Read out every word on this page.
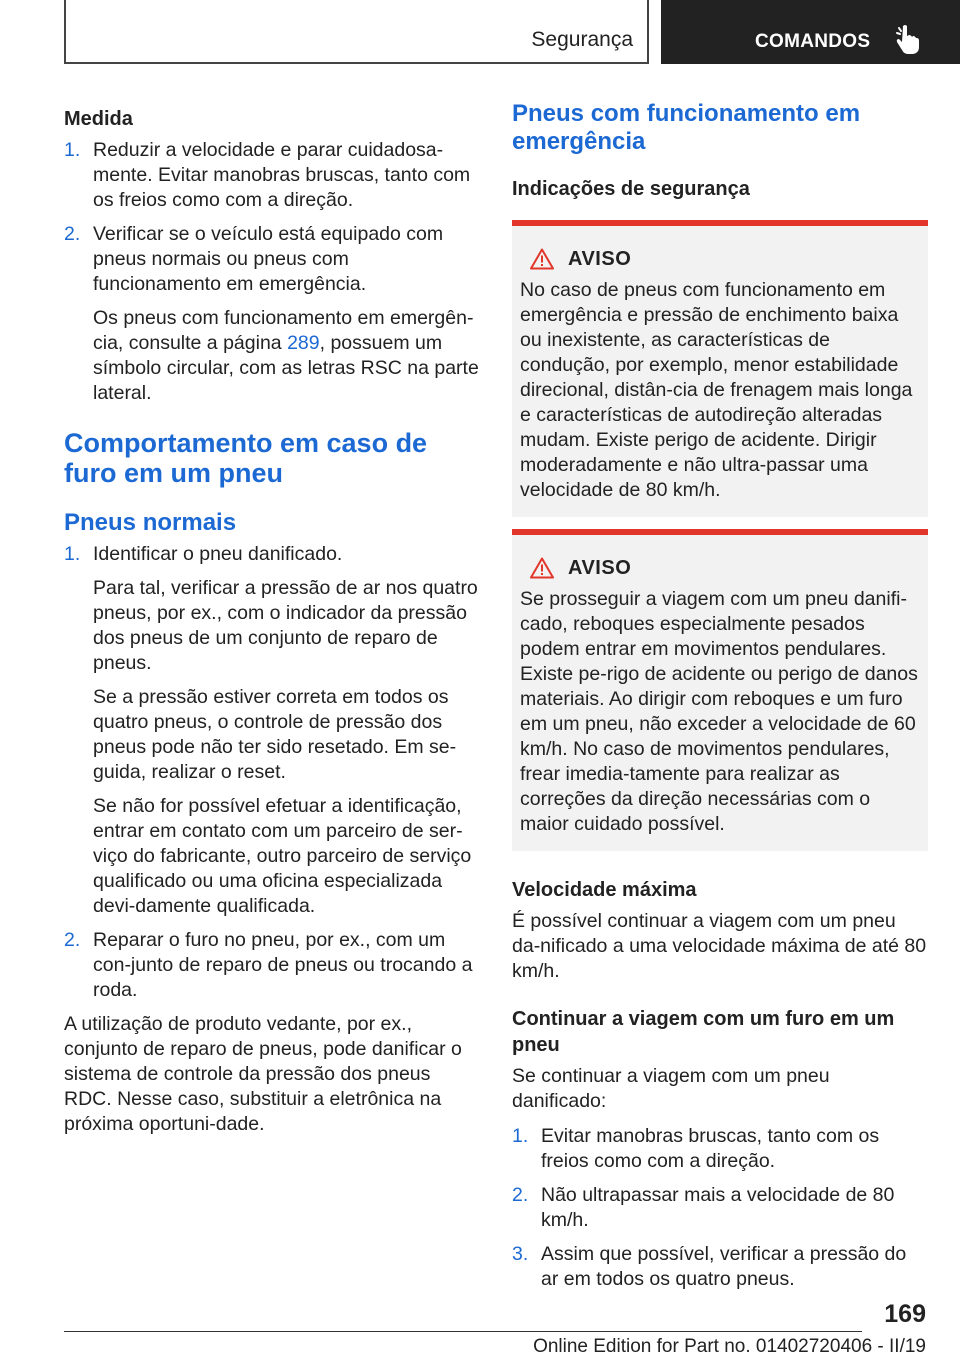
Segurança	COMANDOS
Medida
1. Reduzir a velocidade e parar cuidadosa-mente. Evitar manobras bruscas, tanto com os freios como com a direção.

2. Verificar se o veículo está equipado com pneus normais ou pneus com funcionamento em emergência.

Os pneus com funcionamento em emergên-cia, consulte a página 289, possuem um símbolo circular, com as letras RSC na parte lateral.

Comportamento em caso de furo em um pneu
Pneus normais
1. Identificar o pneu danificado.

Para tal, verificar a pressão de ar nos quatro pneus, por ex., com o indicador da pressão dos pneus de um conjunto de reparo de pneus.

Se a pressão estiver correta em todos os quatro pneus, o controle de pressão dos pneus pode não ter sido resetado. Em se-guida, realizar o reset.

Se não for possível efetuar a identificação, entrar em contato com um parceiro de ser-viço do fabricante, outro parceiro de serviço qualificado ou uma oficina especializada devi-damente qualificada.

2. Reparar o furo no pneu, por ex., com um con-junto de reparo de pneus ou trocando a roda.

A utilização de produto vedante, por ex., conjunto de reparo de pneus, pode danificar o sistema de controle da pressão dos pneus RDC. Nesse caso, substituir a eletrônica na próxima oportuni-dade.

Pneus com funcionamento em emergência
Indicações de segurança
AVISO

No caso de pneus com funcionamento em emergência e pressão de enchimento baixa ou inexistente, as características de condução, por exemplo, menor estabilidade direcional, distân-cia de frenagem mais longa e características de autodireção alteradas mudam. Existe perigo de acidente. Dirigir moderadamente e não ultra-passar uma velocidade de 80 km/h.

AVISO

Se prosseguir a viagem com um pneu danifi-cado, reboques especialmente pesados podem entrar em movimentos pendulares. Existe pe-rigo de acidente ou perigo de danos materiais. Ao dirigir com reboques e um furo em um pneu, não exceder a velocidade de 60 km/h. No caso de movimentos pendulares, frear imedia-tamente para realizar as correções da direção necessárias com o maior cuidado possível.

Velocidade máxima

É possível continuar a viagem com um pneu da-nificado a uma velocidade máxima de até 80 km/h.

Continuar a viagem com um furo em um pneu

Se continuar a viagem com um pneu danificado:

1. Evitar manobras bruscas, tanto com os freios como com a direção.

2. Não ultrapassar mais a velocidade de 80 km/h.

3. Assim que possível, verificar a pressão do ar em todos os quatro pneus.

169
Online Edition for Part no. 01402720406 - II/19
